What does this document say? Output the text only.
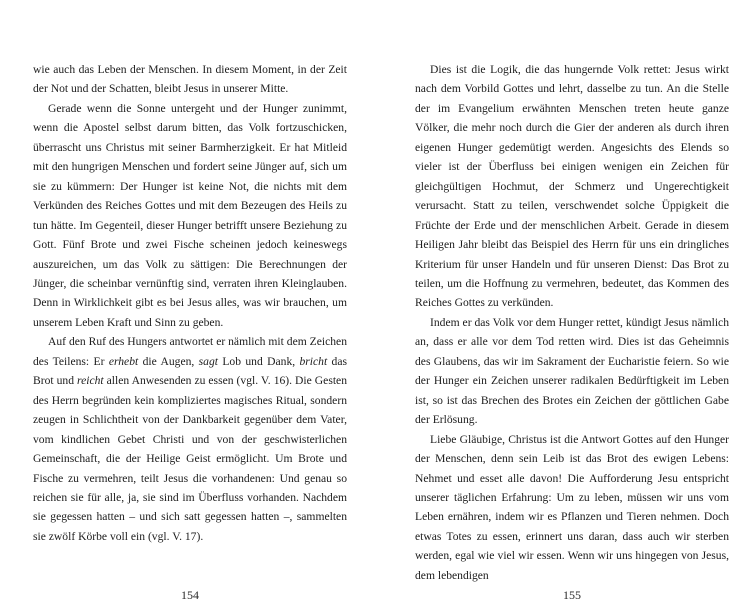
wie auch das Leben der Menschen. In diesem Moment, in der Zeit der Not und der Schatten, bleibt Jesus in unserer Mitte.

Gerade wenn die Sonne untergeht und der Hunger zunimmt, wenn die Apostel selbst darum bitten, das Volk fortzuschicken, überrascht uns Christus mit seiner Barmherzigkeit. Er hat Mitleid mit den hungrigen Menschen und fordert seine Jünger auf, sich um sie zu kümmern: Der Hunger ist keine Not, die nichts mit dem Verkünden des Reiches Gottes und mit dem Bezeugen des Heils zu tun hätte. Im Gegenteil, dieser Hunger betrifft unsere Beziehung zu Gott. Fünf Brote und zwei Fische scheinen jedoch keineswegs auszureichen, um das Volk zu sättigen: Die Berechnungen der Jünger, die scheinbar vernünftig sind, verraten ihren Kleinglauben. Denn in Wirklichkeit gibt es bei Jesus alles, was wir brauchen, um unserem Leben Kraft und Sinn zu geben.

Auf den Ruf des Hungers antwortet er nämlich mit dem Zeichen des Teilens: Er erhebt die Augen, sagt Lob und Dank, bricht das Brot und reicht allen Anwesenden zu essen (vgl. V. 16). Die Gesten des Herrn begründen kein kompliziertes magisches Ritual, sondern zeugen in Schlichtheit von der Dankbarkeit gegenüber dem Vater, vom kindlichen Gebet Christi und von der geschwisterlichen Gemeinschaft, die der Heilige Geist ermöglicht. Um Brote und Fische zu vermehren, teilt Jesus die vorhandenen: Und genau so reichen sie für alle, ja, sie sind im Überfluss vorhanden. Nachdem sie gegessen hatten – und sich satt gegessen hatten –, sammelten sie zwölf Körbe voll ein (vgl. V. 17).

154

Dies ist die Logik, die das hungernde Volk rettet: Jesus wirkt nach dem Vorbild Gottes und lehrt, dasselbe zu tun. An die Stelle der im Evangelium erwähnten Menschen treten heute ganze Völker, die mehr noch durch die Gier der anderen als durch ihren eigenen Hunger gedemütigt werden. Angesichts des Elends so vieler ist der Überfluss bei einigen wenigen ein Zeichen für gleichgültigen Hochmut, der Schmerz und Ungerechtigkeit verursacht. Statt zu teilen, verschwendet solche Üppigkeit die Früchte der Erde und der menschlichen Arbeit. Gerade in diesem Heiligen Jahr bleibt das Beispiel des Herrn für uns ein dringliches Kriterium für unser Handeln und für unseren Dienst: Das Brot zu teilen, um die Hoffnung zu vermehren, bedeutet, das Kommen des Reiches Gottes zu verkünden.

Indem er das Volk vor dem Hunger rettet, kündigt Jesus nämlich an, dass er alle vor dem Tod retten wird. Dies ist das Geheimnis des Glaubens, das wir im Sakrament der Eucharistie feiern. So wie der Hunger ein Zeichen unserer radikalen Bedürftigkeit im Leben ist, so ist das Brechen des Brotes ein Zeichen der göttlichen Gabe der Erlösung.

Liebe Gläubige, Christus ist die Antwort Gottes auf den Hunger der Menschen, denn sein Leib ist das Brot des ewigen Lebens: Nehmet und esset alle davon! Die Aufforderung Jesu entspricht unserer täglichen Erfahrung: Um zu leben, müssen wir uns vom Leben ernähren, indem wir es Pflanzen und Tieren nehmen. Doch etwas Totes zu essen, erinnert uns daran, dass auch wir sterben werden, egal wie viel wir essen. Wenn wir uns hingegen von Jesus, dem lebendigen

155
